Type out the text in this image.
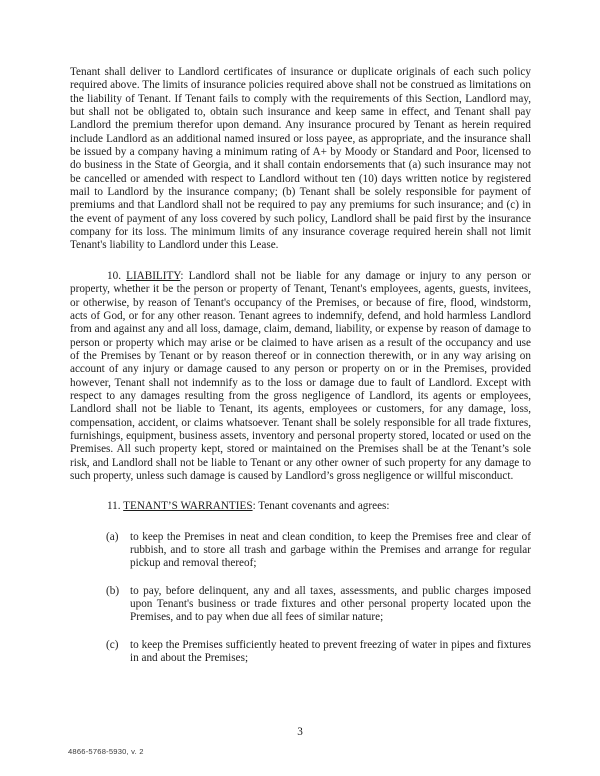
Tenant shall deliver to Landlord certificates of insurance or duplicate originals of each such policy required above. The limits of insurance policies required above shall not be construed as limitations on the liability of Tenant. If Tenant fails to comply with the requirements of this Section, Landlord may, but shall not be obligated to, obtain such insurance and keep same in effect, and Tenant shall pay Landlord the premium therefor upon demand. Any insurance procured by Tenant as herein required include Landlord as an additional named insured or loss payee, as appropriate, and the insurance shall be issued by a company having a minimum rating of A+ by Moody or Standard and Poor, licensed to do business in the State of Georgia, and it shall contain endorsements that (a) such insurance may not be cancelled or amended with respect to Landlord without ten (10) days written notice by registered mail to Landlord by the insurance company; (b) Tenant shall be solely responsible for payment of premiums and that Landlord shall not be required to pay any premiums for such insurance; and (c) in the event of payment of any loss covered by such policy, Landlord shall be paid first by the insurance company for its loss. The minimum limits of any insurance coverage required herein shall not limit Tenant's liability to Landlord under this Lease.

10. LIABILITY: Landlord shall not be liable for any damage or injury to any person or property, whether it be the person or property of Tenant, Tenant's employees, agents, guests, invitees, or otherwise, by reason of Tenant's occupancy of the Premises, or because of fire, flood, windstorm, acts of God, or for any other reason. Tenant agrees to indemnify, defend, and hold harmless Landlord from and against any and all loss, damage, claim, demand, liability, or expense by reason of damage to person or property which may arise or be claimed to have arisen as a result of the occupancy and use of the Premises by Tenant or by reason thereof or in connection therewith, or in any way arising on account of any injury or damage caused to any person or property on or in the Premises, provided however, Tenant shall not indemnify as to the loss or damage due to fault of Landlord. Except with respect to any damages resulting from the gross negligence of Landlord, its agents or employees, Landlord shall not be liable to Tenant, its agents, employees or customers, for any damage, loss, compensation, accident, or claims whatsoever. Tenant shall be solely responsible for all trade fixtures, furnishings, equipment, business assets, inventory and personal property stored, located or used on the Premises. All such property kept, stored or maintained on the Premises shall be at the Tenant’s sole risk, and Landlord shall not be liable to Tenant or any other owner of such property for any damage to such property, unless such damage is caused by Landlord’s gross negligence or willful misconduct.

11. TENANT’S WARRANTIES: Tenant covenants and agrees:

(a) to keep the Premises in neat and clean condition, to keep the Premises free and clear of rubbish, and to store all trash and garbage within the Premises and arrange for regular pickup and removal thereof;

(b) to pay, before delinquent, any and all taxes, assessments, and public charges imposed upon Tenant's business or trade fixtures and other personal property located upon the Premises, and to pay when due all fees of similar nature;

(c) to keep the Premises sufficiently heated to prevent freezing of water in pipes and fixtures in and about the Premises;

3
4866-5768-5930, v. 2
